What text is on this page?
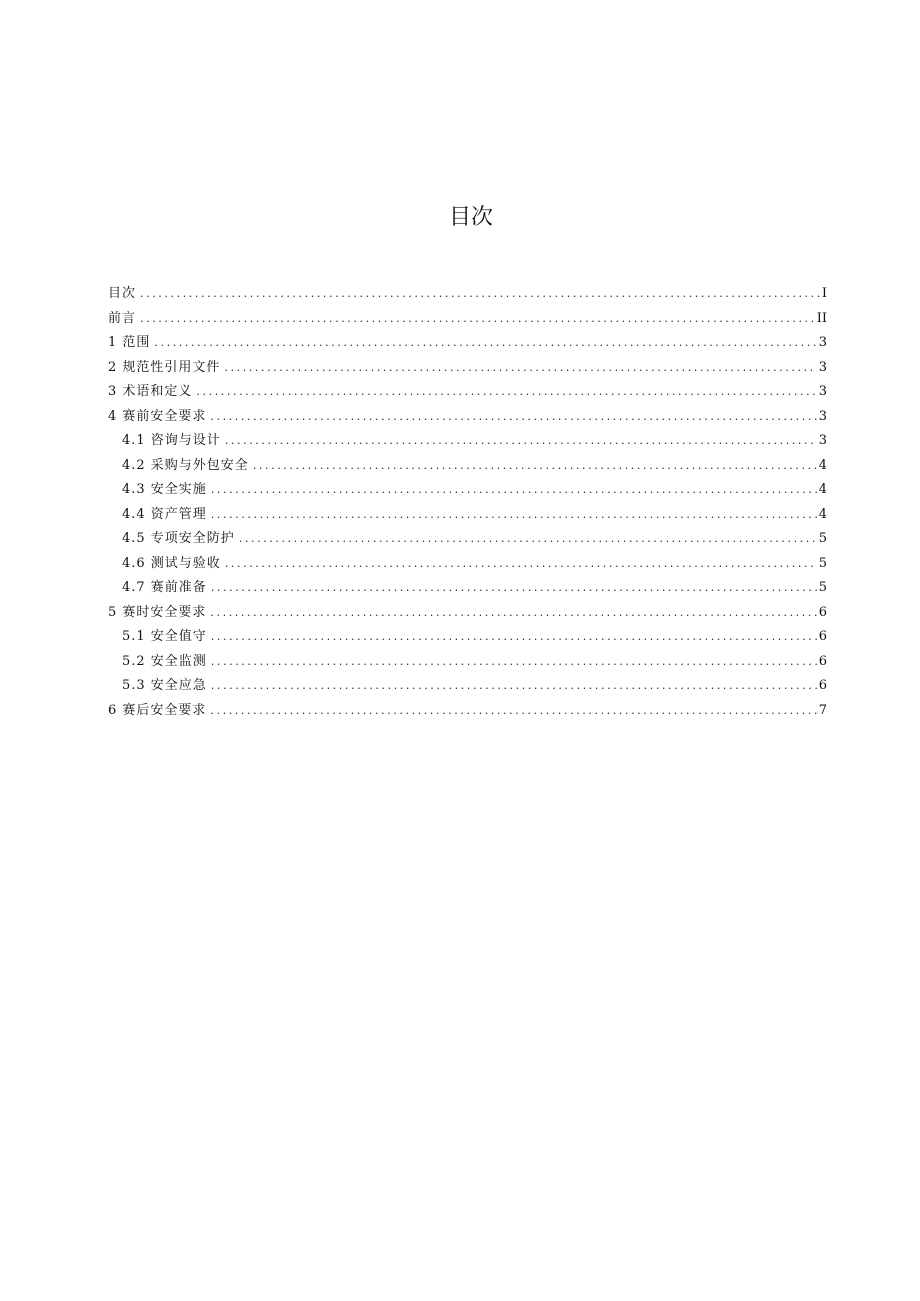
目次
目次 .....	I
前言 .....	II
1 范围 .....	3
2 规范性引用文件 .....	3
3 术语和定义 .....	3
4 赛前安全要求 .....	3
4.1 咨询与设计 .....	3
4.2 采购与外包安全 .....	4
4.3 安全实施 .....	4
4.4 资产管理 .....	4
4.5 专项安全防护 .....	5
4.6 测试与验收 .....	5
4.7 赛前准备 .....	5
5 赛时安全要求 .....	6
5.1 安全值守 .....	6
5.2 安全监测 .....	6
5.3 安全应急 .....	6
6 赛后安全要求 .....	7
